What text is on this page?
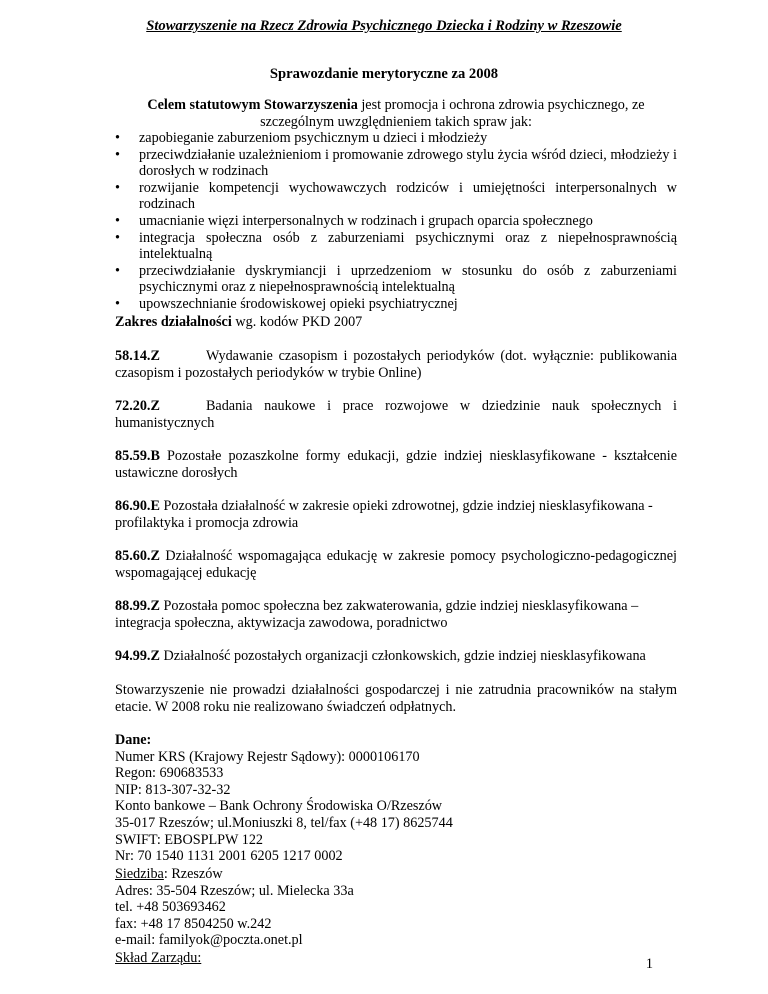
Stowarzyszenie na Rzecz Zdrowia Psychicznego Dziecka i Rodziny w Rzeszowie
Sprawozdanie merytoryczne za 2008
Celem statutowym Stowarzyszenia jest promocja i ochrona zdrowia psychicznego, ze szczególnym uwzględnieniem takich spraw jak:
• zapobieganie zaburzeniom psychicznym u dzieci i młodzieży
• przeciwdziałanie uzależnieniom i promowanie zdrowego stylu życia wśród dzieci, młodzieży i dorosłych w rodzinach
• rozwijanie kompetencji wychowawczych rodziców i umiejętności interpersonalnych w rodzinach
• umacnianie więzi interpersonalnych w rodzinach i grupach oparcia społecznego
• integracja społeczna osób z zaburzeniami psychicznymi oraz z niepełnosprawnością intelektualną
• przeciwdziałanie dyskrymiancji i uprzedzeniom w stosunku do osób z zaburzeniami psychicznymi oraz z niepełnosprawnością intelektualną
• upowszechnianie środowiskowej opieki psychiatrycznej
Zakres działalności wg. kodów PKD 2007
58.14.Z	Wydawanie czasopism i pozostałych periodyków (dot. wyłącznie: publikowania czasopism i pozostałych periodyków w trybie Online)
72.20.Z	Badania naukowe i prace rozwojowe w dziedzinie nauk społecznych i humanistycznych
85.59.B Pozostałe pozaszkolne formy edukacji, gdzie indziej niesklasyfikowane - kształcenie ustawiczne dorosłych
86.90.E Pozostała działalność w zakresie opieki zdrowotnej, gdzie indziej niesklasyfikowana - profilaktyka i promocja zdrowia
85.60.Z Działalność wspomagająca edukację w zakresie pomocy psychologiczno-pedagogicznej wspomagającej edukację
88.99.Z Pozostała pomoc społeczna bez zakwaterowania, gdzie indziej niesklasyfikowana – integracja społeczna, aktywizacja zawodowa, poradnictwo
94.99.Z Działalność pozostałych organizacji członkowskich, gdzie indziej niesklasyfikowana
Stowarzyszenie nie prowadzi działalności gospodarczej i nie zatrudnia pracowników na stałym etacie. W 2008 roku nie realizowano świadczeń odpłatnych.
Dane:
Numer KRS (Krajowy Rejestr Sądowy): 0000106170
Regon: 690683533
NIP: 813-307-32-32
Konto bankowe – Bank Ochrony Środowiska O/Rzeszów
35-017 Rzeszów; ul.Moniuszki 8, tel/fax (+48 17) 8625744
SWIFT: EBOSPLPW 122
Nr: 70 1540 1131 2001 6205 1217 0002
Siedziba: Rzeszów
Adres: 35-504 Rzeszów; ul. Mielecka 33a
tel. +48 503693462
fax: +48 17 8504250 w.242
e-mail: familyok@poczta.onet.pl
Skład Zarządu:	1
